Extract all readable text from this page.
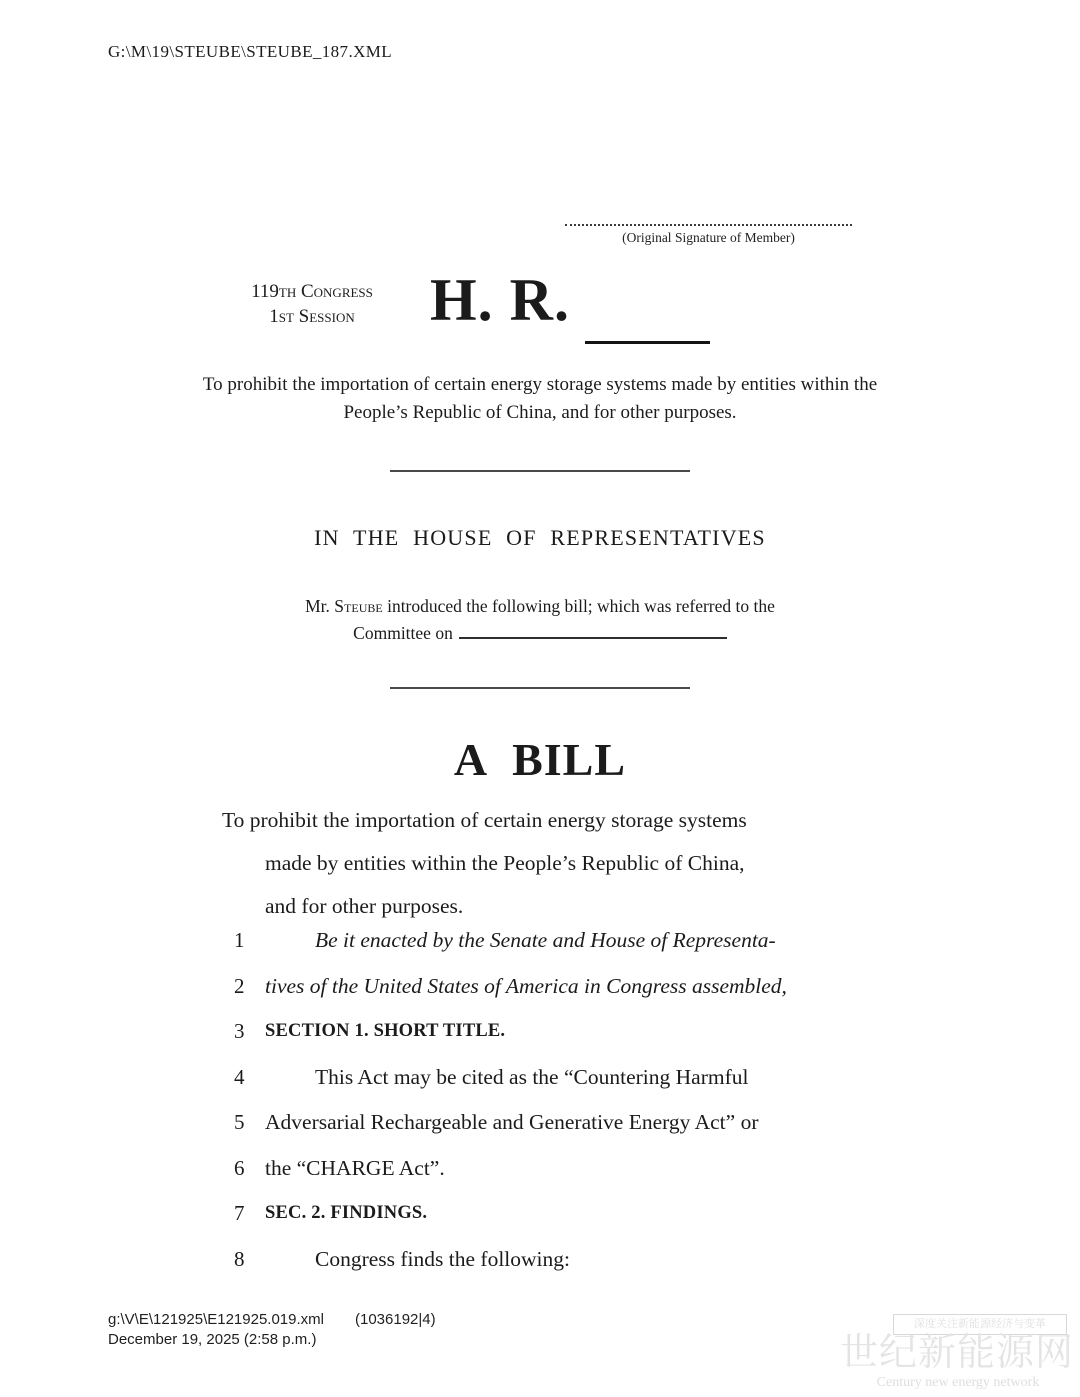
G:\M\19\STEUBE\STEUBE_187.XML
(Original Signature of Member)
119TH Congress
1ST Session	H. R.
To prohibit the importation of certain energy storage systems made by entities within the People’s Republic of China, and for other purposes.
IN THE HOUSE OF REPRESENTATIVES
Mr. Steube introduced the following bill; which was referred to the
Committee on
A BILL
To prohibit the importation of certain energy storage systems
made by entities within the People’s Republic of China,
and for other purposes.
1	Be it enacted by the Senate and House of Representa-
2 tives of the United States of America in Congress assembled,
3	SECTION 1. SHORT TITLE.
4	This Act may be cited as the “Countering Harmful
5 Adversarial Rechargeable and Generative Energy Act” or
6 the “CHARGE Act”.
7	SEC. 2. FINDINGS.
8	Congress finds the following:
g:\V\E\121925\E121925.019.xml (1036192|4)
December 19, 2025 (2:58 p.m.)
深度关注新能源经济与变革
世纪新能源网
Century new energy network
